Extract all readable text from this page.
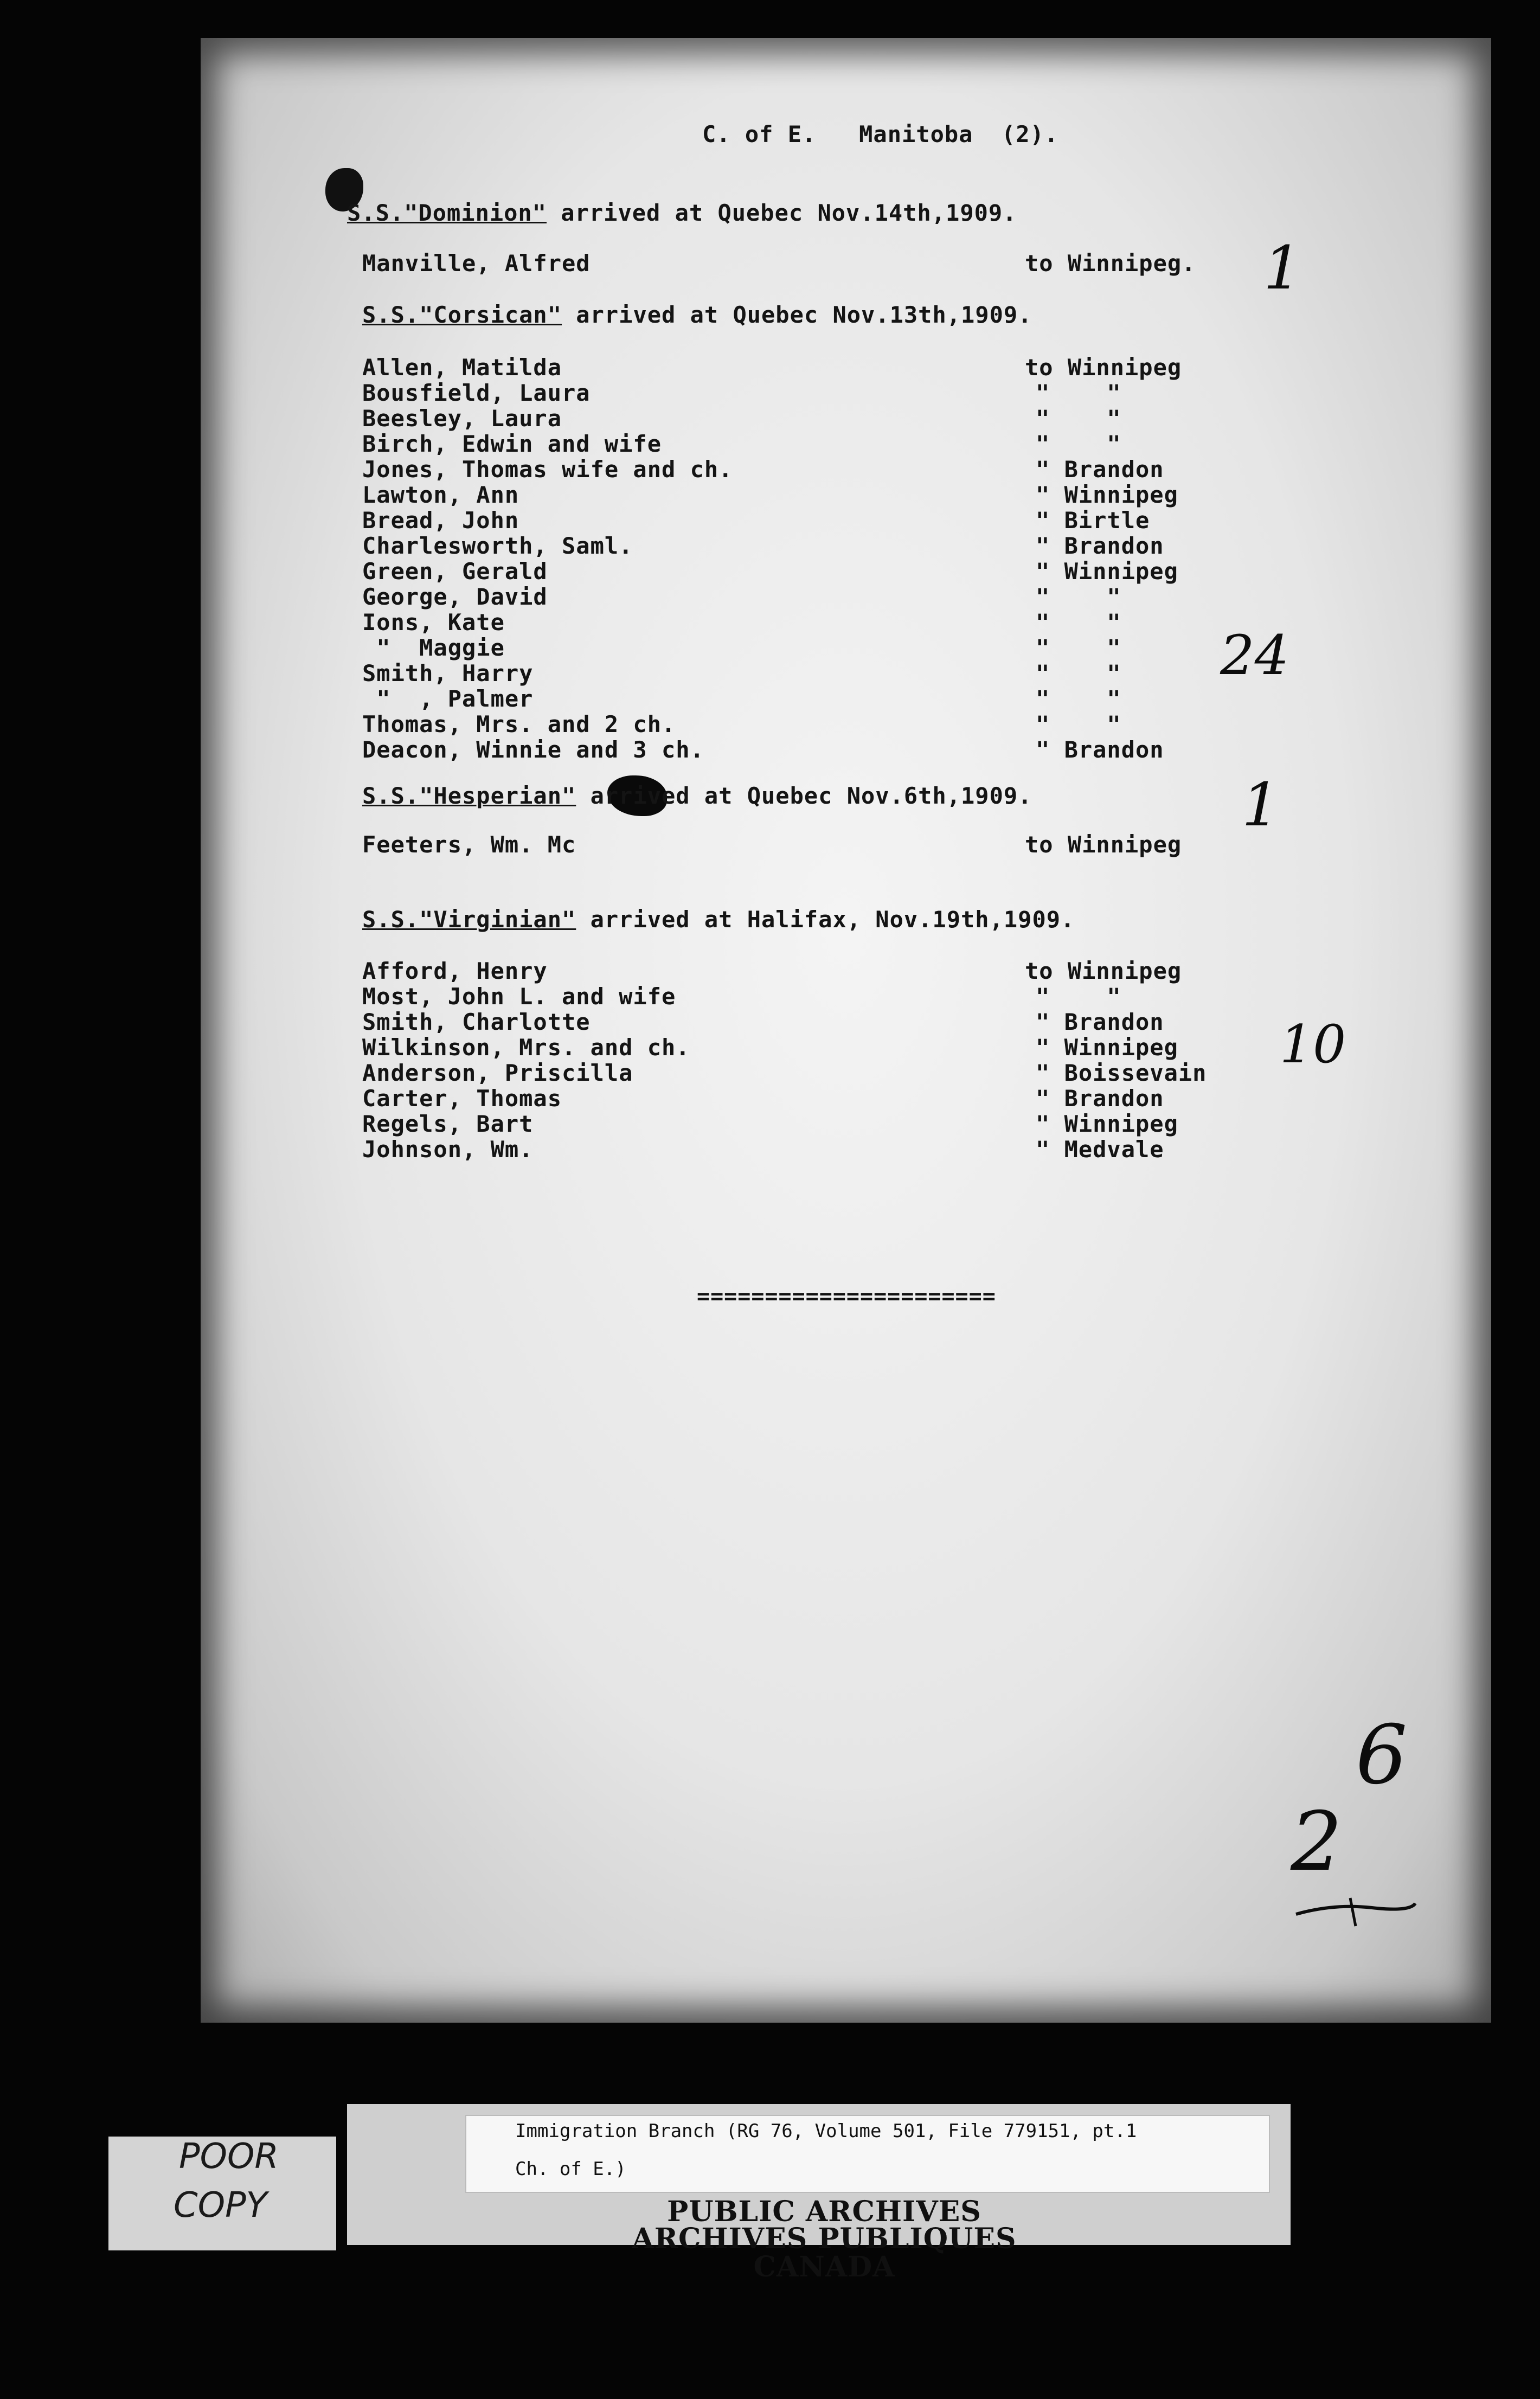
C. of E.   Manitoba  (2).
S.S."Dominion" arrived at Quebec Nov.14th,1909.
Manville, Alfred	to Winnipeg. 1
S.S."Corsican" arrived at Quebec Nov.13th,1909.
Allen, Matilda	to Winnipeg
Bousfield, Laura	"    "
Beesley, Laura	"    "
Birch, Edwin and wife	"    "
Jones, Thomas wife and ch.	" Brandon
Lawton, Ann	" Winnipeg
Bread, John	" Birtle
Charlesworth, Saml.	" Brandon
Green, Gerald	" Winnipeg
George, David	"    "
Ions, Kate	"    "
"  Maggie	"    "
Smith, Harry	"    "
"  , Palmer	"    "
Thomas, Mrs. and 2 ch.	"    "
Deacon, Winnie and 3 ch.	" Brandon
24
S.S."Hesperian" arrived at Quebec Nov.6th,1909.
Feeters, Wm. Mc	to Winnipeg
1
S.S."Virginian" arrived at Halifax, Nov.19th,1909.
Afford, Henry	to Winnipeg
Most, John L. and wife	"    "
Smith, Charlotte	" Brandon
Wilkinson, Mrs. and ch.	" Winnipeg
Anderson, Priscilla	" Boissevain
Carter, Thomas	" Brandon
Regels, Bart	" Winnipeg
Johnson, Wm.	" Medvale
10
======================
6
2
POOR
COPY
Immigration Branch (RG 76, Volume 501, File 779151, pt.1
Ch. of E.)
PUBLIC ARCHIVES
ARCHIVES PUBLIQUES
CANADA
